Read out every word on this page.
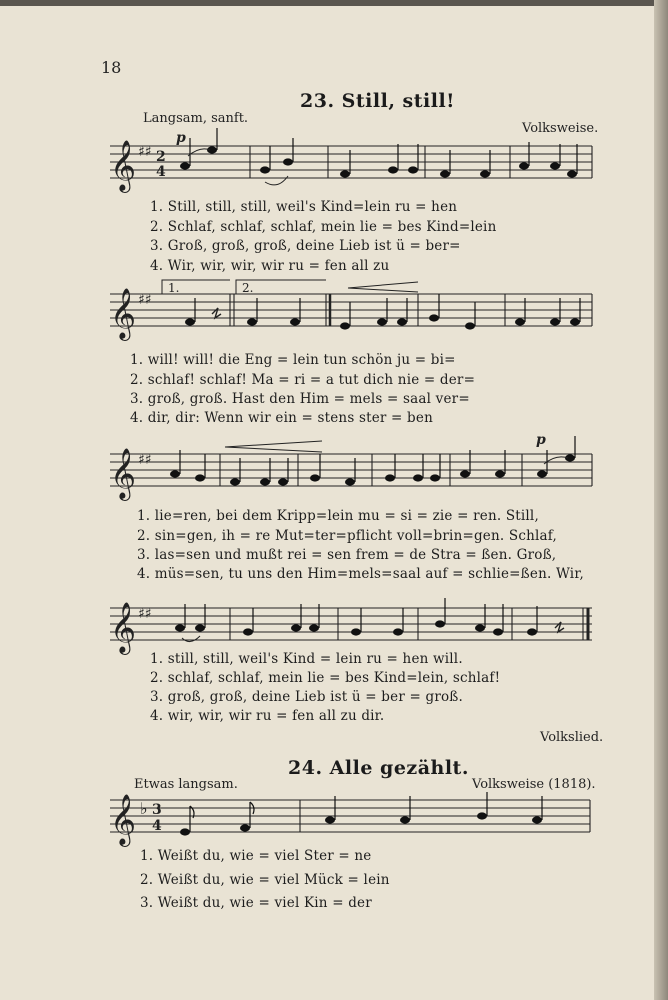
18
23. Still, still!
Langsam, sanft.
Volksweise.
𝄞 ♯♯ 2
4
p
1. Still, still, still, weil's Kind=lein ru = hen
2. Schlaf, schlaf, schlaf, mein lie = bes Kind=lein
3. Groß, groß, groß, deine Lieb ist ü = ber=
4. Wir, wir, wir, wir ru = fen all zu
𝄞 ♯♯
1.	2.
1. will! will! die Eng = lein tun schön ju = bi=
2. schlaf! schlaf! Ma = ri = a tut dich nie = der=
3. groß, groß. Hast den Him = mels = saal ver=
4. dir, dir: Wenn wir ein = stens ster = ben
𝄞 ♯♯
p
1. lie=ren, bei dem Kripp=lein mu = si = zie = ren. Still,
2. sin=gen, ih = re Mut=ter=pflicht voll=brin=gen. Schlaf,
3. las=sen und mußt rei = sen frem = de Stra = ßen. Groß,
4. müs=sen, tu uns den Him=mels=saal auf = schlie=ßen. Wir,
𝄞 ♯♯
1. still, still, weil's Kind = lein ru = hen will.
2. schlaf, schlaf, mein lie = bes Kind=lein, schlaf!
3. groß, groß, deine Lieb ist ü = ber = groß.
4. wir, wir, wir ru = fen all zu dir.
Volkslied.
24. Alle gezählt.
Etwas langsam.	Volksweise (1818).
𝄞 ♭ 3
4
1. Weißt du, wie = viel Ster = ne
2. Weißt du, wie = viel Mück = lein
3. Weißt du, wie = viel Kin = der
